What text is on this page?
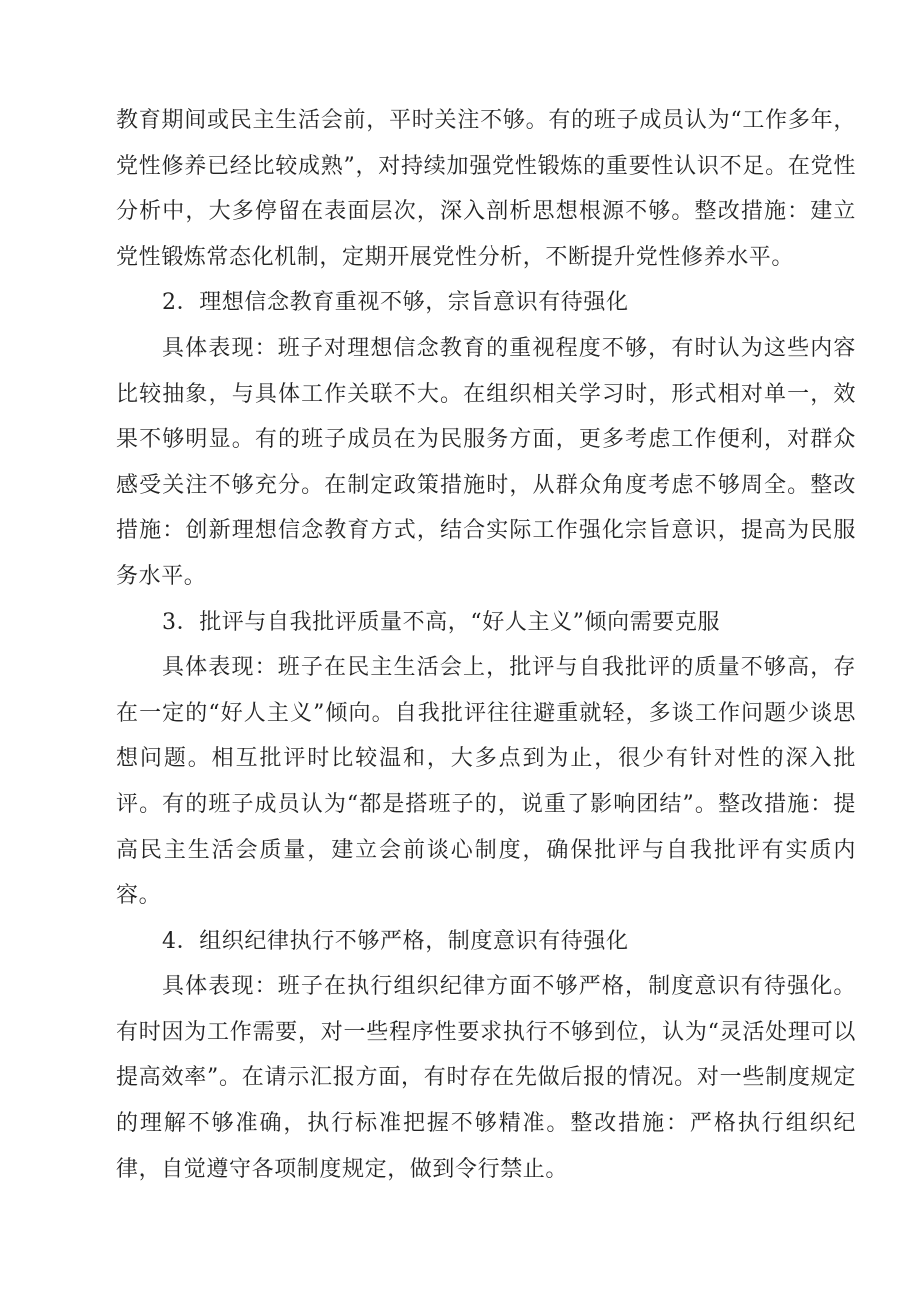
教育期间或民主生活会前，平时关注不够。有的班子成员认为“工作多年，党性修养已经比较成熟”，对持续加强党性锻炼的重要性认识不足。在党性分析中，大多停留在表面层次，深入剖析思想根源不够。整改措施：建立党性锻炼常态化机制，定期开展党性分析，不断提升党性修养水平。

2．理想信念教育重视不够，宗旨意识有待强化

具体表现：班子对理想信念教育的重视程度不够，有时认为这些内容比较抽象，与具体工作关联不大。在组织相关学习时，形式相对单一，效果不够明显。有的班子成员在为民服务方面，更多考虑工作便利，对群众感受关注不够充分。在制定政策措施时，从群众角度考虑不够周全。整改措施：创新理想信念教育方式，结合实际工作强化宗旨意识，提高为民服务水平。

3．批评与自我批评质量不高，“好人主义”倾向需要克服

具体表现：班子在民主生活会上，批评与自我批评的质量不够高，存在一定的“好人主义”倾向。自我批评往往避重就轻，多谈工作问题少谈思想问题。相互批评时比较温和，大多点到为止，很少有针对性的深入批评。有的班子成员认为“都是搭班子的，说重了影响团结”。整改措施：提高民主生活会质量，建立会前谈心制度，确保批评与自我批评有实质内容。

4．组织纪律执行不够严格，制度意识有待强化

具体表现：班子在执行组织纪律方面不够严格，制度意识有待强化。有时因为工作需要，对一些程序性要求执行不够到位，认为“灵活处理可以提高效率”。在请示汇报方面，有时存在先做后报的情况。对一些制度规定的理解不够准确，执行标准把握不够精准。整改措施：严格执行组织纪律，自觉遵守各项制度规定，做到令行禁止。
